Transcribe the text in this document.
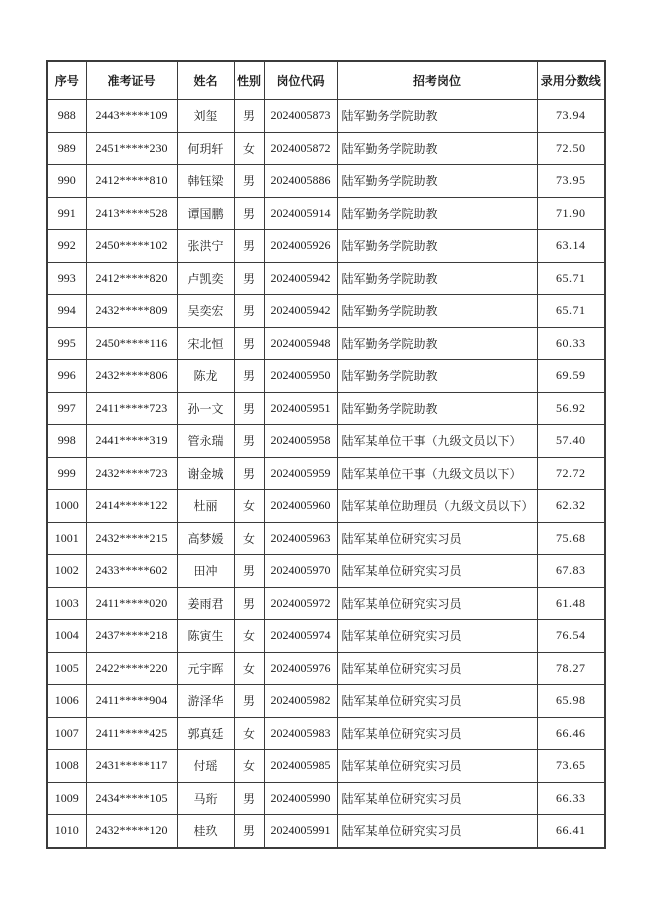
序号	准考证号	姓名	性别	岗位代码	招考岗位	录用分数线
988	2443*****109	刘玺	男	2024005873	陆军勤务学院助教	73.94
989	2451*****230	何玥轩	女	2024005872	陆军勤务学院助教	72.50
990	2412*****810	韩钰梁	男	2024005886	陆军勤务学院助教	73.95
991	2413*****528	谭国鹏	男	2024005914	陆军勤务学院助教	71.90
992	2450*****102	张洪宁	男	2024005926	陆军勤务学院助教	63.14
993	2412*****820	卢凯奕	男	2024005942	陆军勤务学院助教	65.71
994	2432*****809	吴奕宏	男	2024005942	陆军勤务学院助教	65.71
995	2450*****116	宋北恒	男	2024005948	陆军勤务学院助教	60.33
996	2432*****806	陈龙	男	2024005950	陆军勤务学院助教	69.59
997	2411*****723	孙一文	男	2024005951	陆军勤务学院助教	56.92
998	2441*****319	管永瑞	男	2024005958	陆军某单位干事（九级文员以下）	57.40
999	2432*****723	谢金城	男	2024005959	陆军某单位干事（九级文员以下）	72.72
1000	2414*****122	杜丽	女	2024005960	陆军某单位助理员（九级文员以下）	62.32
1001	2432*****215	高梦媛	女	2024005963	陆军某单位研究实习员	75.68
1002	2433*****602	田冲	男	2024005970	陆军某单位研究实习员	67.83
1003	2411*****020	姜雨君	男	2024005972	陆军某单位研究实习员	61.48
1004	2437*****218	陈寅生	女	2024005974	陆军某单位研究实习员	76.54
1005	2422*****220	元宇晖	女	2024005976	陆军某单位研究实习员	78.27
1006	2411*****904	游泽华	男	2024005982	陆军某单位研究实习员	65.98
1007	2411*****425	郭真廷	女	2024005983	陆军某单位研究实习员	66.46
1008	2431*****117	付瑶	女	2024005985	陆军某单位研究实习员	73.65
1009	2434*****105	马珩	男	2024005990	陆军某单位研究实习员	66.33
1010	2432*****120	桂玖	男	2024005991	陆军某单位研究实习员	66.41
